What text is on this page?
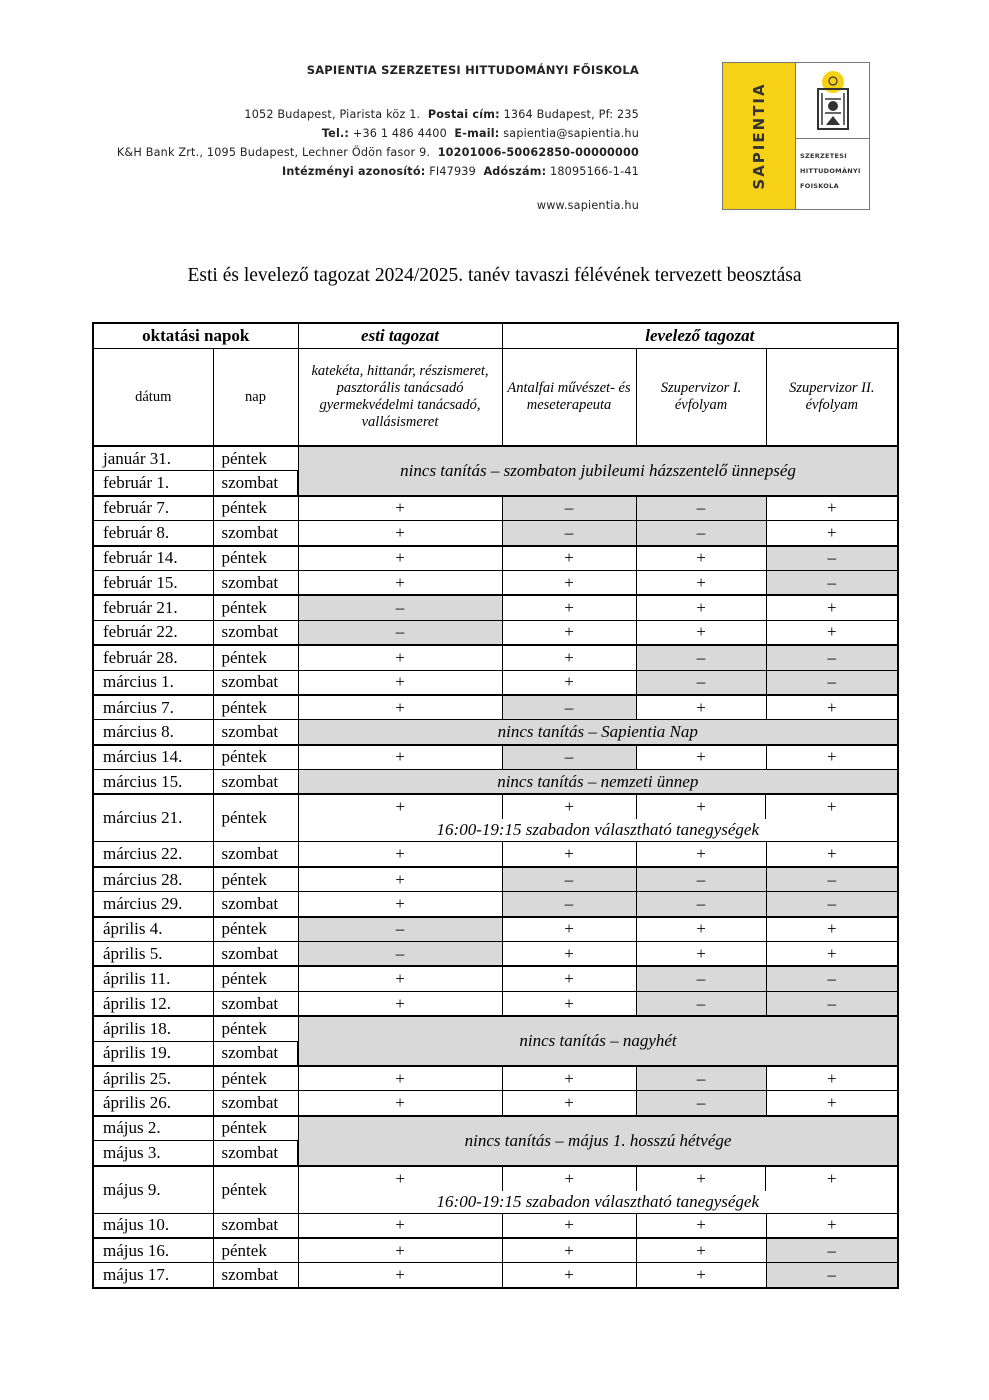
SAPIENTIA SZERZETESI HITTUDOMÁNYI FŐISKOLA
1052 Budapest, Piarista köz 1. Postai cím: 1364 Budapest, Pf: 235
Tel.: +36 1 486 4400 E-mail: sapientia@sapientia.hu
K&H Bank Zrt., 1095 Budapest, Lechner Ödön fasor 9. 10201006-50062850-00000000
Intézményi azonosító: FI47939 Adószám: 18095166-1-41
www.sapientia.hu
SAPIENTIA	SZERZETESI
HITTUDOMÁNYI
FOISKOLA
Esti és levelező tagozat 2024/2025. tanév tavaszi félévének tervezett beosztása
oktatási napok		esti tagozat	levelező tagozat		
dátum	nap	katekéta, hittanár, részismeret, pasztorális tanácsadó gyermekvédelmi tanácsadó, vallásismeret	Antalfai művészet- és meseterapeuta	Szupervizor I. évfolyam	Szupervizor II. évfolyam
január 31.	péntek	nincs tanítás – szombaton jubileumi házszentelő ünnepség			
február 1.	szombat				
február 7.	péntek	+	–	–	+
február 8.	szombat	+	–	–	+
február 14.	péntek	+	+	+	–
február 15.	szombat	+	+	+	–
február 21.	péntek	–	+	+	+
február 22.	szombat	–	+	+	+
február 28.	péntek	+	+	–	–
március 1.	szombat	+	+	–	–
március 7.	péntek	+	–	+	+
március 8.	szombat	nincs tanítás – Sapientia Nap			
március 14.	péntek	+	–	+	+
március 15.	szombat	nincs tanítás – nemzeti ünnep			
március 21.	péntek	+ + + +
16:00-19:15 szabadon választható tanegységek			

március 22.	szombat	+	+	+	+
március 28.	péntek	+	–	–	–
március 29.	szombat	+	–	–	–
április 4.	péntek	–	+	+	+
április 5.	szombat	–	+	+	+
április 11.	péntek	+	+	–	–
április 12.	szombat	+	+	–	–
április 18.	péntek	nincs tanítás – nagyhét			
április 19.	szombat				
április 25.	péntek	+	+	–	+
április 26.	szombat	+	+	–	+
május 2.	péntek	nincs tanítás – május 1. hosszú hétvége			
május 3.	szombat				
május 9.	péntek	+ + + +
16:00-19:15 szabadon választható tanegységek			

május 10.	szombat	+	+	+	+
május 16.	péntek	+	+	+	–
május 17.	szombat	+	+	+	–
